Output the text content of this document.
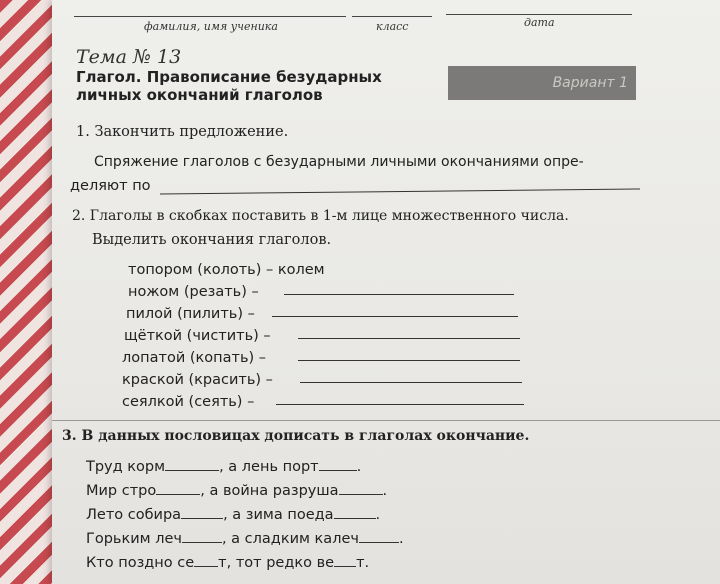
фамилия, имя ученика	класс	дата
Тема № 13
Глагол. Правописание безударных
личных окончаний глаголов
Вариант 1
1. Закончить предложение.
Спряжение глаголов с безударными личными окончаниями опре-
деляют по
2. Глаголы в скобках поставить в 1-м лице множественного числа.
Выделить окончания глаголов.
топором (колоть) – колем
ножом (резать) –
пилой (пилить) –
щёткой (чистить) –
лопатой (копать) –
краской (красить) –
сеялкой (сеять) –
3. В данных пословицах дописать в глаголах окончание.
Труд корм	, а лень порт	.
Мир стро	, а война разруша	.
Лето собира	, а зима поеда	.
Горьким леч	, а сладким калеч	.
Кто поздно се т, тот редко ве т.
